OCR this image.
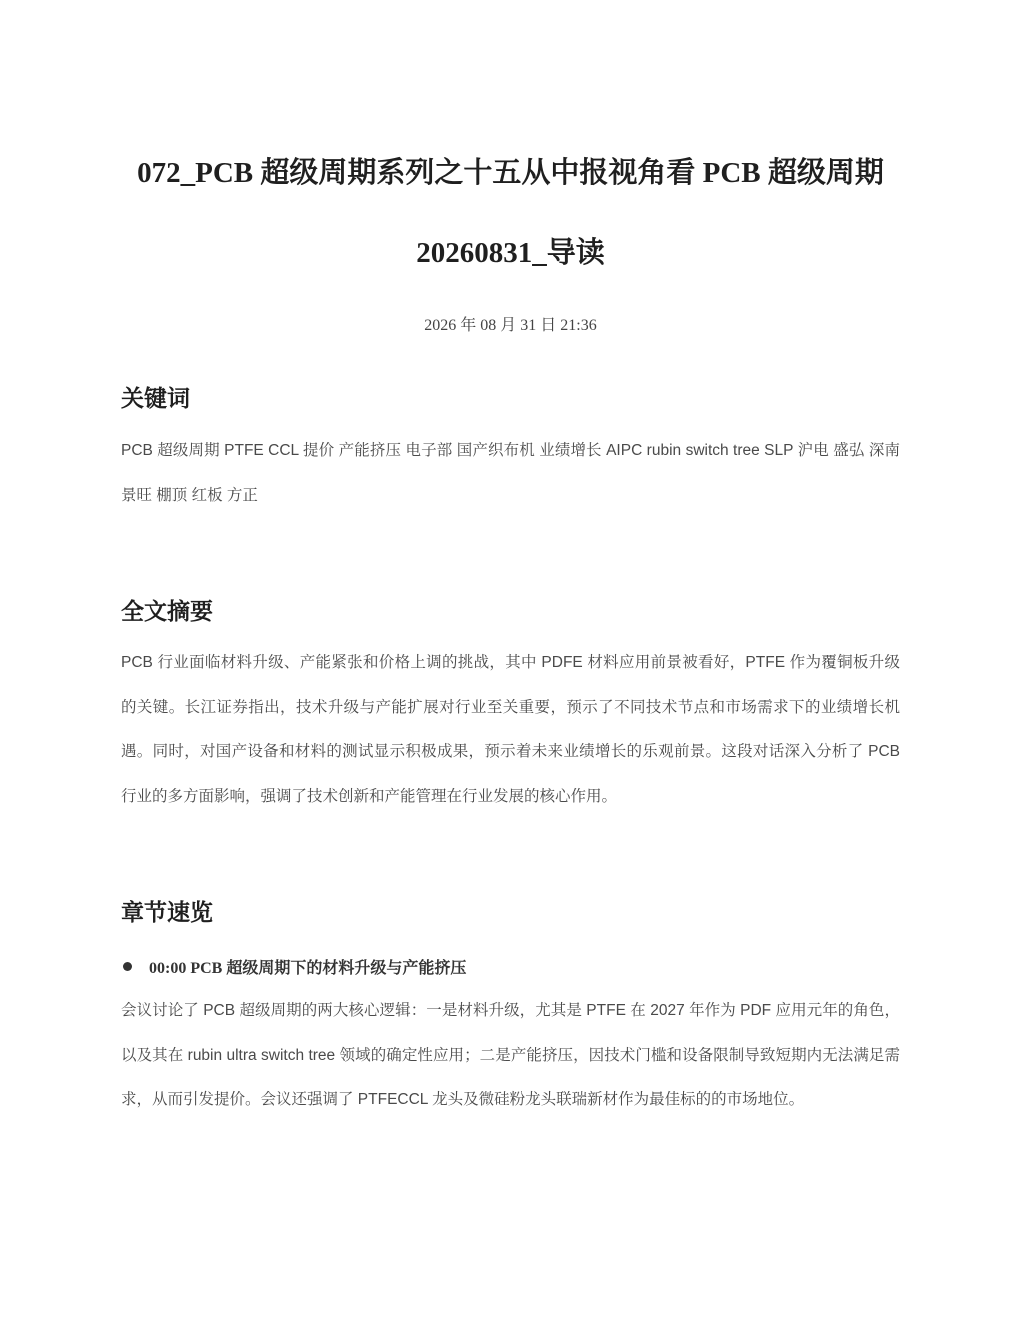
072_PCB 超级周期系列之十五从中报视角看 PCB 超级周期
20260831_导读
2026 年 08 月 31 日 21:36
关键词

PCB 超级周期 PTFE CCL 提价 产能挤压 电子部 国产织布机 业绩增长 AIPC rubin switch tree SLP 沪电 盛弘 深南 景旺 棚顶 红板 方正

全文摘要

PCB 行业面临材料升级、产能紧张和价格上调的挑战，其中 PDFE 材料应用前景被看好，PTFE 作为覆铜板升级的关键。长江证券指出，技术升级与产能扩展对行业至关重要，预示了不同技术节点和市场需求下的业绩增长机遇。同时，对国产设备和材料的测试显示积极成果，预示着未来业绩增长的乐观前景。这段对话深入分析了 PCB 行业的多方面影响，强调了技术创新和产能管理在行业发展的核心作用。

章节速览
00:00 PCB 超级周期下的材料升级与产能挤压

会议讨论了 PCB 超级周期的两大核心逻辑：一是材料升级，尤其是 PTFE 在 2027 年作为 PDF 应用元年的角色，以及其在 rubin ultra switch tree 领域的确定性应用；二是产能挤压，因技术门槛和设备限制导致短期内无法满足需求，从而引发提价。会议还强调了 PTFECCL 龙头及微硅粉龙头联瑞新材作为最佳标的的市场地位。
